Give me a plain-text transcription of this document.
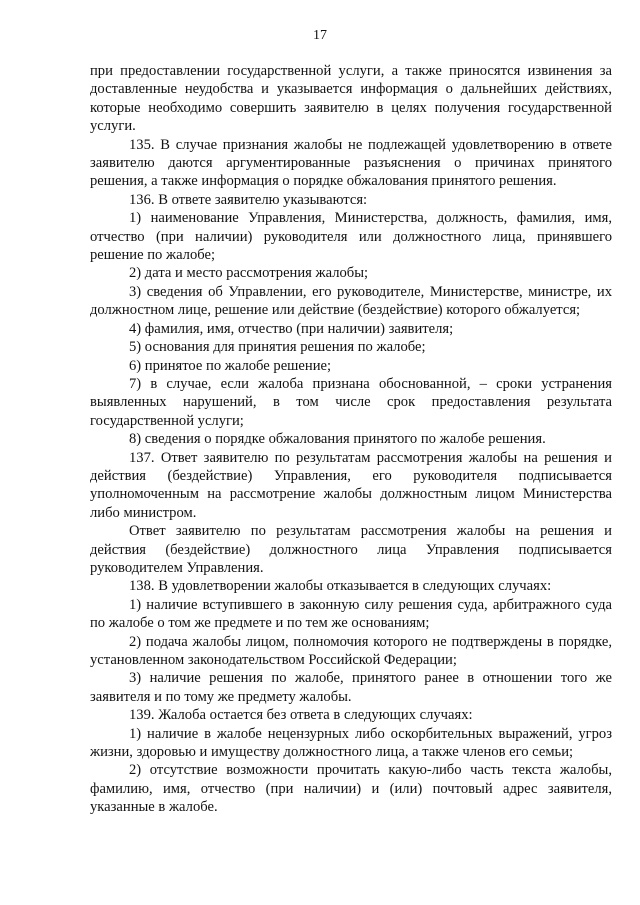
17

при предоставлении государственной услуги, а также приносятся извинения за доставленные неудобства и указывается информация о дальнейших действиях, которые необходимо совершить заявителю в целях получения государственной услуги.

135. В случае признания жалобы не подлежащей удовлетворению в ответе заявителю даются аргументированные разъяснения о причинах принятого решения, а также информация о порядке обжалования принятого решения.

136. В ответе заявителю указываются:

1) наименование Управления, Министерства, должность, фамилия, имя, отчество (при наличии) руководителя или должностного лица, принявшего решение по жалобе;

2) дата и место рассмотрения жалобы;

3) сведения об Управлении, его руководителе, Министерстве, министре, их должностном лице, решение или действие (бездействие) которого обжалуется;

4) фамилия, имя, отчество (при наличии) заявителя;

5) основания для принятия решения по жалобе;

6) принятое по жалобе решение;

7) в случае, если жалоба признана обоснованной, – сроки устранения выявленных нарушений, в том числе срок предоставления результата государственной услуги;

8) сведения о порядке обжалования принятого по жалобе решения.

137. Ответ заявителю по результатам рассмотрения жалобы на решения и действия (бездействие) Управления, его руководителя подписывается уполномоченным на рассмотрение жалобы должностным лицом Министерства либо министром.

Ответ заявителю по результатам рассмотрения жалобы на решения и действия (бездействие) должностного лица Управления подписывается руководителем Управления.

138. В удовлетворении жалобы отказывается в следующих случаях:

1) наличие вступившего в законную силу решения суда, арбитражного суда по жалобе о том же предмете и по тем же основаниям;

2) подача жалобы лицом, полномочия которого не подтверждены в порядке, установленном законодательством Российской Федерации;

3) наличие решения по жалобе, принятого ранее в отношении того же заявителя и по тому же предмету жалобы.

139. Жалоба остается без ответа в следующих случаях:

1) наличие в жалобе нецензурных либо оскорбительных выражений, угроз жизни, здоровью и имуществу должностного лица, а также членов его семьи;

2) отсутствие возможности прочитать какую-либо часть текста жалобы, фамилию, имя, отчество (при наличии) и (или) почтовый адрес заявителя, указанные в жалобе.
